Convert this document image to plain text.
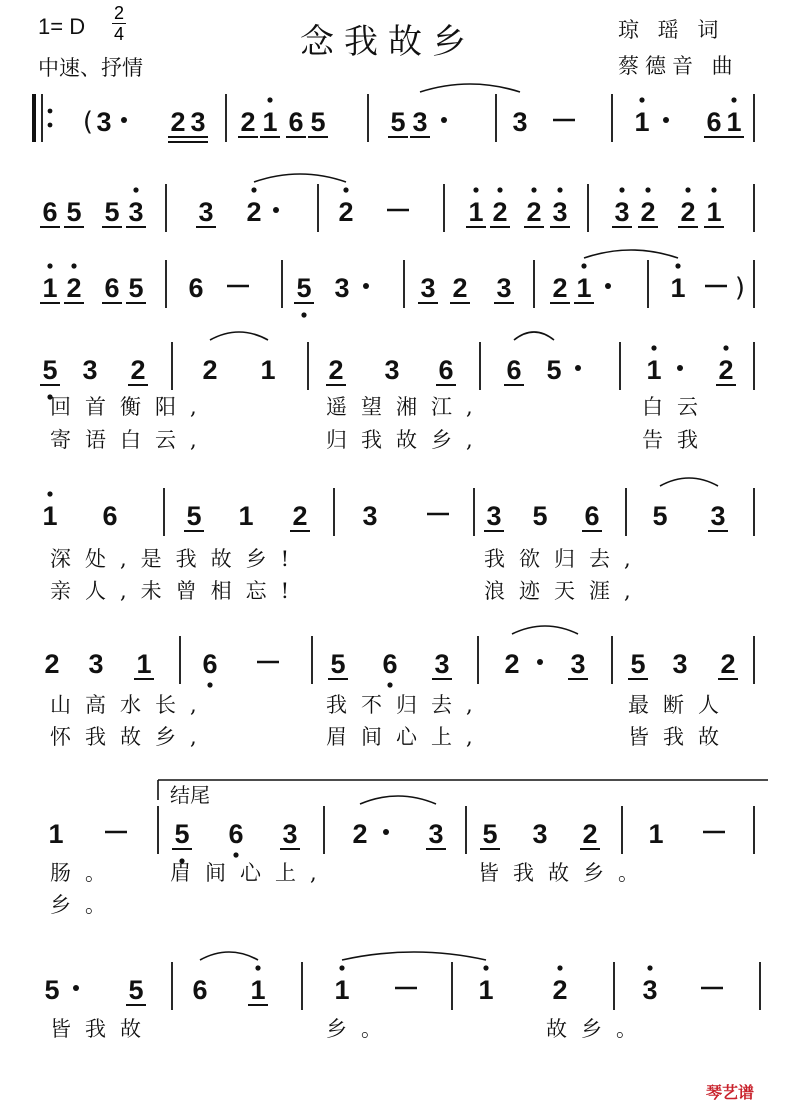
念我故乡
1= D
2
4
中速、抒情
琼 瑶 词
蔡德音 曲
结尾
( 3 2 3 2 1 6 5 5 3	3	1 6 1
6 5 5 3 3 2	2	1 2 2 3 3 2 2 1
1 2 6 5 6	5 3	3 2 3 2 1	1 )
5 3 2 2 1 2 3 6 6 5	1 2
回首衡阳,	遥望湘江,	白云
寄语白云,	归我故乡,	告我
1 6	5 1 2 3	3 5 6 5 3
深处,是我故乡!	我欲归去,
亲人,未曾相忘!	浪迹天涯,
2 3 1 6	5 6 3 2 3 5 3 2
山高水长,	我不归去,	最断人
怀我故乡,	眉间心上,	皆我故
1	5 6 3 2 3 5 3 2 1
肠。 眉间心上,	皆我故乡。
乡。
5	5 6 1	1	1 2	3
皆我故	乡。	故乡。
琴艺谱
